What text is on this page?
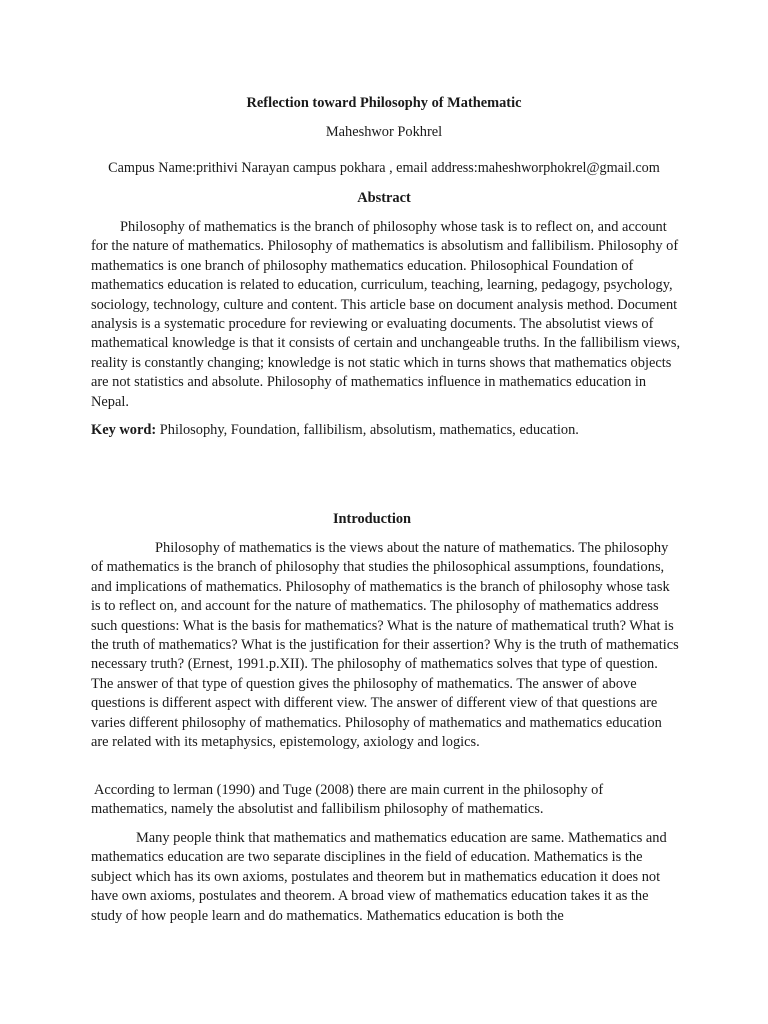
Reflection toward Philosophy of Mathematic
Maheshwor Pokhrel
Campus Name:prithivi Narayan campus pokhara , email address:maheshworphokrel@gmail.com
Abstract

Philosophy of mathematics is the branch of philosophy whose task is to reflect on, and account for the nature of mathematics. Philosophy of mathematics is absolutism and fallibilism. Philosophy of mathematics is one branch of philosophy mathematics education. Philosophical Foundation of mathematics education is related to education, curriculum, teaching, learning, pedagogy, psychology, sociology, technology, culture and content. This article base on document analysis method. Document analysis is a systematic procedure for reviewing or evaluating documents. The absolutist views of mathematical knowledge is that it consists of certain and unchangeable truths. In the fallibilism views, reality is constantly changing; knowledge is not static which in turns shows that mathematics objects are not statistics and absolute. Philosophy of mathematics influence in mathematics education in Nepal.

Key word: Philosophy, Foundation, fallibilism, absolutism, mathematics, education.
Introduction

Philosophy of mathematics is the views about the nature of mathematics. The philosophy of mathematics is the branch of philosophy that studies the philosophical assumptions, foundations, and implications of mathematics. Philosophy of mathematics is the branch of philosophy whose task is to reflect on, and account for the nature of mathematics. The philosophy of mathematics address such questions: What is the basis for mathematics? What is the nature of mathematical truth? What is the truth of mathematics? What is the justification for their assertion? Why is the truth of mathematics necessary truth? (Ernest, 1991.p.XII). The philosophy of mathematics solves that type of question. The answer of that type of question gives the philosophy of mathematics. The answer of above questions is different aspect with different view. The answer of different view of that questions are varies different philosophy of mathematics. Philosophy of mathematics and mathematics education are related with its metaphysics, epistemology, axiology and logics.

According to lerman (1990) and Tuge (2008) there are main current in the philosophy of mathematics, namely the absolutist and fallibilism philosophy of mathematics.

Many people think that mathematics and mathematics education are same. Mathematics and mathematics education are two separate disciplines in the field of education. Mathematics is the subject which has its own axioms, postulates and theorem but in mathematics education it does not have own axioms, postulates and theorem. A broad view of mathematics education takes it as the study of how people learn and do mathematics. Mathematics education is both the
